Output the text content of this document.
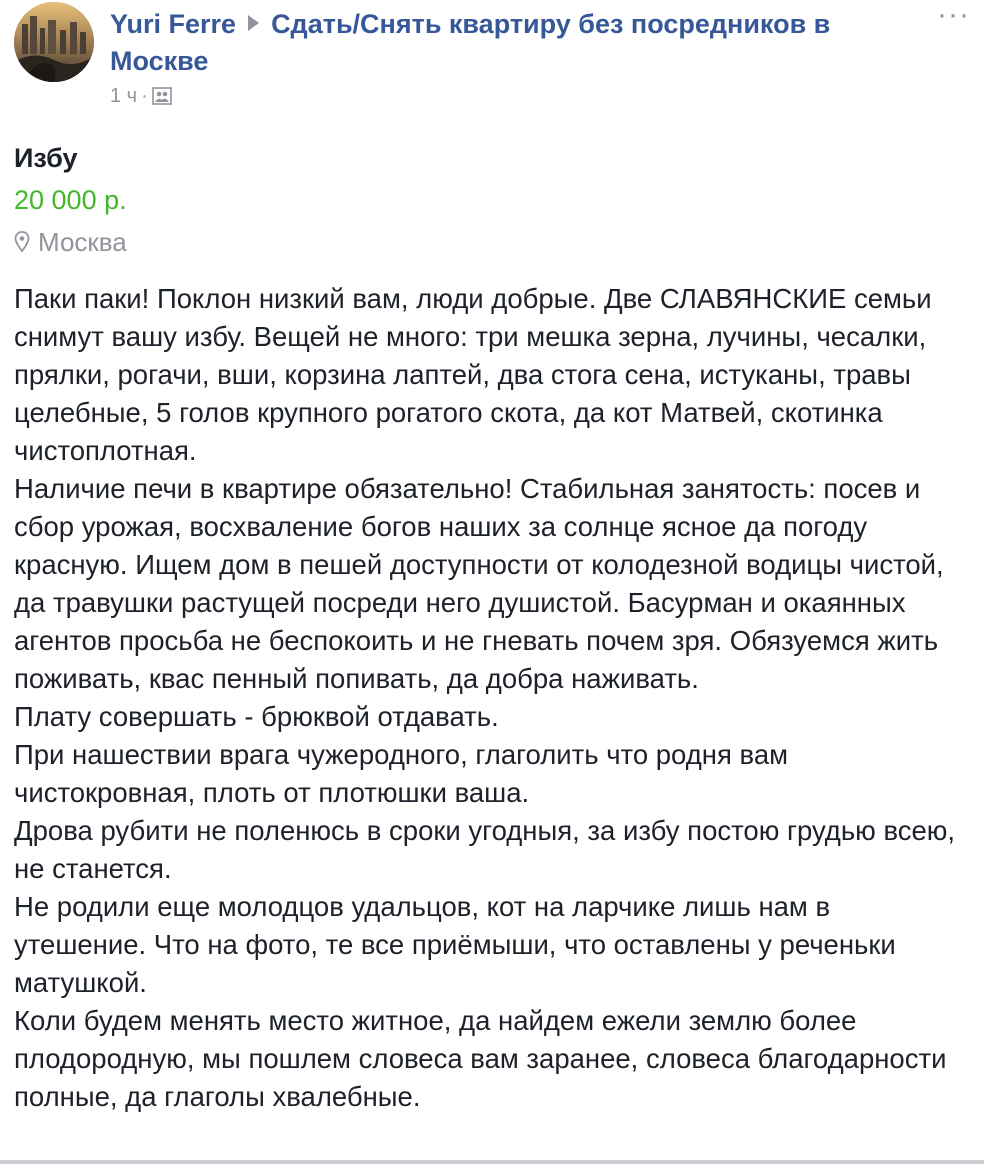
Yuri Ferre Сдать/Снять квартиру без посредников в Москве
1 ч ·
···
Избу
20 000 р.
Москва

Паки паки! Поклон низкий вам, люди добрые. Две СЛАВЯНСКИЕ семьи снимут вашу избу. Вещей не много: три мешка зерна, лучины, чесалки, прялки, рогачи, вши, корзина лаптей, два стога сена, истуканы, травы целебные, 5 голов крупного рогатого скота, да кот Матвей, скотинка чистоплотная.

Наличие печи в квартире обязательно! Стабильная занятость: посев и сбор урожая, восхваление богов наших за солнце ясное да погоду красную. Ищем дом в пешей доступности от колодезной водицы чистой, да травушки растущей посреди него душистой. Басурман и окаянных агентов просьба не беспокоить и не гневать почем зря. Обязуемся жить поживать, квас пенный попивать, да добра наживать.

Плату совершать - брюквой отдавать.

При нашествии врага чужеродного, глаголить что родня вам чистокровная, плоть от плотюшки ваша.

Дрова рубити не поленюсь в сроки угодныя, за избу постою грудью всею, не станется.

Не родили еще молодцов удальцов, кот на ларчике лишь нам в утешение. Что на фото, те все приёмыши, что оставлены у реченьки матушкой.

Коли будем менять место житное, да найдем ежели землю более плодородную, мы пошлем словеса вам заранее, словеса благодарности полные, да глаголы хвалебные.
